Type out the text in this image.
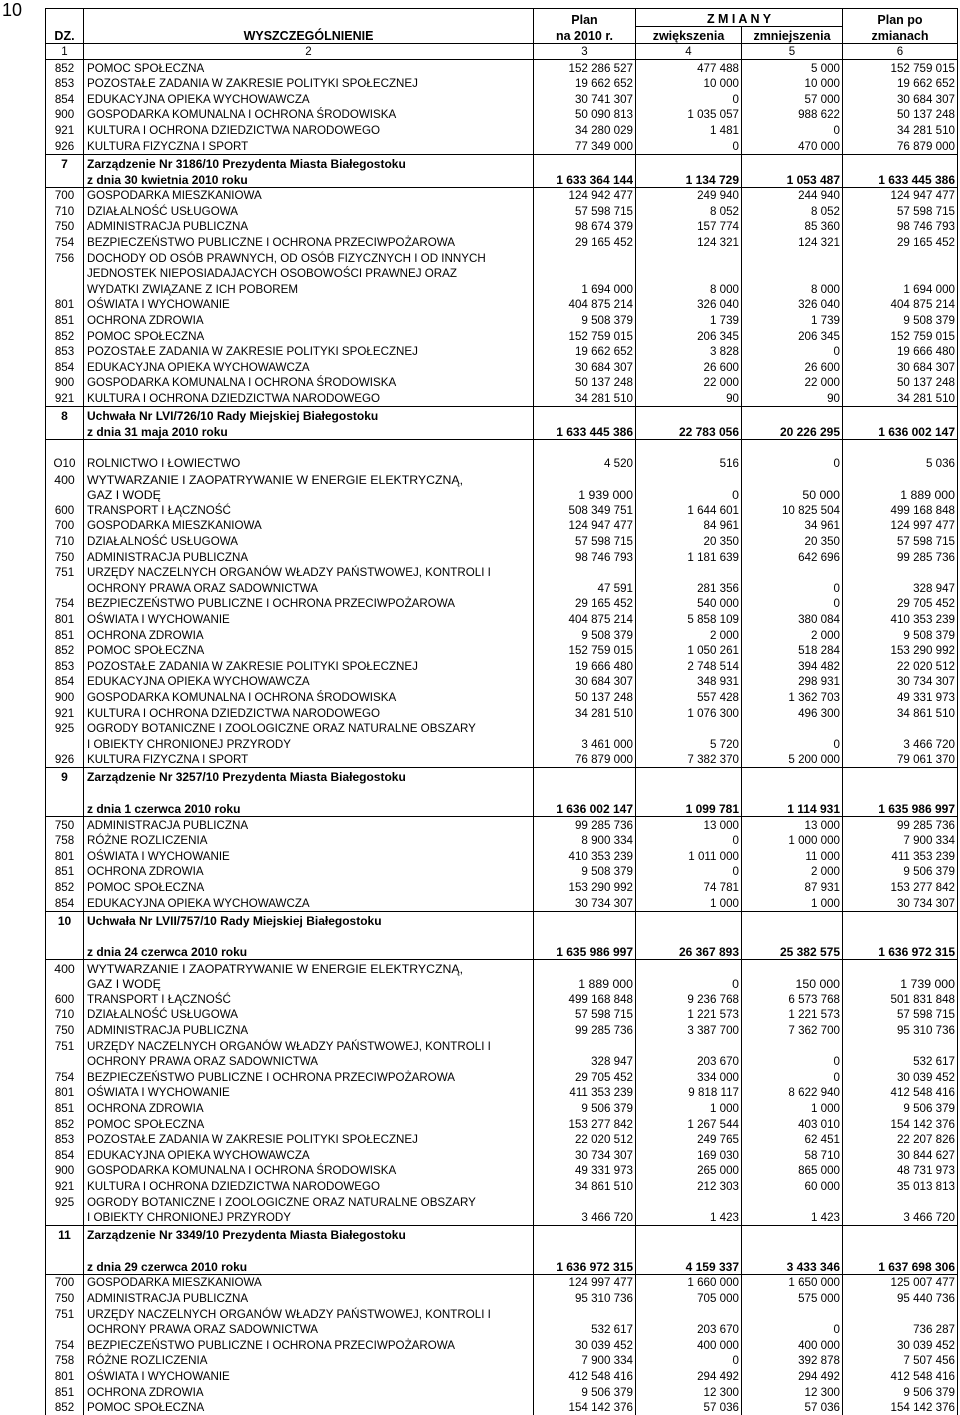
10
			Plan	Z M I A N Y		Plan po
DZ.	WYSZCZEGÓLNIENIE	na 2010 r.	zwiększenia	zmniejszenia	zmianach
1	2	3	4	5	6
852	POMOC SPOŁECZNA	152 286 527	477 488	5 000	152 759 015
853	POZOSTAŁE ZADANIA W ZAKRESIE POLITYKI SPOŁECZNEJ	19 662 652	10 000	10 000	19 662 652
854	EDUKACYJNA OPIEKA WYCHOWAWCZA	30 741 307	0	57 000	30 684 307
900	GOSPODARKA KOMUNALNA I OCHRONA ŚRODOWISKA	50 090 813	1 035 057	988 622	50 137 248
921	KULTURA I OCHRONA DZIEDZICTWA NARODOWEGO	34 280 029	1 481	0	34 281 510
926	KULTURA FIZYCZNA I SPORT	77 349 000	0	470 000	76 879 000
7	Zarządzenie Nr 3186/10 Prezydenta Miasta Białegostoku				
	z dnia 30 kwietnia 2010 roku	1 633 364 144	1 134 729	1 053 487	1 633 445 386
700	GOSPODARKA MIESZKANIOWA	124 942 477	249 940	244 940	124 947 477
710	DZIAŁALNOŚĆ USŁUGOWA	57 598 715	8 052	8 052	57 598 715
750	ADMINISTRACJA PUBLICZNA	98 674 379	157 774	85 360	98 746 793
754	BEZPIECZEŃSTWO PUBLICZNE I OCHRONA PRZECIWPOŻAROWA	29 165 452	124 321	124 321	29 165 452
756	DOCHODY OD OSÓB PRAWNYCH, OD OSÓB FIZYCZNYCH I OD INNYCH				
	JEDNOSTEK NIEPOSIADAJACYCH OSOBOWOŚCI PRAWNEJ ORAZ				
	WYDATKI ZWIĄZANE Z ICH POBOREM	1 694 000	8 000	8 000	1 694 000
801	OŚWIATA I WYCHOWANIE	404 875 214	326 040	326 040	404 875 214
851	OCHRONA ZDROWIA	9 508 379	1 739	1 739	9 508 379
852	POMOC SPOŁECZNA	152 759 015	206 345	206 345	152 759 015
853	POZOSTAŁE ZADANIA W ZAKRESIE POLITYKI SPOŁECZNEJ	19 662 652	3 828	0	19 666 480
854	EDUKACYJNA OPIEKA WYCHOWAWCZA	30 684 307	26 600	26 600	30 684 307
900	GOSPODARKA KOMUNALNA I OCHRONA ŚRODOWISKA	50 137 248	22 000	22 000	50 137 248
921	KULTURA I OCHRONA DZIEDZICTWA NARODOWEGO	34 281 510	90	90	34 281 510
8	Uchwała Nr LVI/726/10 Rady Miejskiej Białegostoku				
	z dnia 31 maja 2010 roku	1 633 445 386	22 783 056	20 226 295	1 636 002 147

O10	ROLNICTWO I ŁOWIECTWO	4 520	516	0	5 036
400	WYTWARZANIE I ZAOPATRYWANIE W ENERGIE ELEKTRYCZNĄ,				
	GAZ I WODĘ	1 939 000	0	50 000	1 889 000
600	TRANSPORT I ŁĄCZNOŚĆ	508 349 751	1 644 601	10 825 504	499 168 848
700	GOSPODARKA MIESZKANIOWA	124 947 477	84 961	34 961	124 997 477
710	DZIAŁALNOŚĆ USŁUGOWA	57 598 715	20 350	20 350	57 598 715
750	ADMINISTRACJA PUBLICZNA	98 746 793	1 181 639	642 696	99 285 736
751	URZĘDY NACZELNYCH ORGANÓW WŁADZY PAŃSTWOWEJ, KONTROLI I				
	OCHRONY PRAWA ORAZ SADOWNICTWA	47 591	281 356	0	328 947
754	BEZPIECZEŃSTWO PUBLICZNE I OCHRONA PRZECIWPOŻAROWA	29 165 452	540 000	0	29 705 452
801	OŚWIATA I WYCHOWANIE	404 875 214	5 858 109	380 084	410 353 239
851	OCHRONA ZDROWIA	9 508 379	2 000	2 000	9 508 379
852	POMOC SPOŁECZNA	152 759 015	1 050 261	518 284	153 290 992
853	POZOSTAŁE ZADANIA W ZAKRESIE POLITYKI SPOŁECZNEJ	19 666 480	2 748 514	394 482	22 020 512
854	EDUKACYJNA OPIEKA WYCHOWAWCZA	30 684 307	348 931	298 931	30 734 307
900	GOSPODARKA KOMUNALNA I OCHRONA ŚRODOWISKA	50 137 248	557 428	1 362 703	49 331 973
921	KULTURA I OCHRONA DZIEDZICTWA NARODOWEGO	34 281 510	1 076 300	496 300	34 861 510
925	OGRODY BOTANICZNE I ZOOLOGICZNE ORAZ NATURALNE OBSZARY				
	I OBIEKTY CHRONIONEJ PRZYRODY	3 461 000	5 720	0	3 466 720
926	KULTURA FIZYCZNA I SPORT	76 879 000	7 382 370	5 200 000	79 061 370
9	Zarządzenie Nr 3257/10 Prezydenta Miasta Białegostoku				

	z dnia 1 czerwca 2010 roku	1 636 002 147	1 099 781	1 114 931	1 635 986 997
750	ADMINISTRACJA PUBLICZNA	99 285 736	13 000	13 000	99 285 736
758	RÓŻNE ROZLICZENIA	8 900 334	0	1 000 000	7 900 334
801	OŚWIATA I WYCHOWANIE	410 353 239	1 011 000	11 000	411 353 239
851	OCHRONA ZDROWIA	9 508 379	0	2 000	9 506 379
852	POMOC SPOŁECZNA	153 290 992	74 781	87 931	153 277 842
854	EDUKACYJNA OPIEKA WYCHOWAWCZA	30 734 307	1 000	1 000	30 734 307
10	Uchwała Nr LVII/757/10 Rady Miejskiej Białegostoku				

	z dnia 24 czerwca 2010 roku	1 635 986 997	26 367 893	25 382 575	1 636 972 315
400	WYTWARZANIE I ZAOPATRYWANIE W ENERGIE ELEKTRYCZNĄ,				
	GAZ I WODĘ	1 889 000	0	150 000	1 739 000
600	TRANSPORT I ŁĄCZNOŚĆ	499 168 848	9 236 768	6 573 768	501 831 848
710	DZIAŁALNOŚĆ USŁUGOWA	57 598 715	1 221 573	1 221 573	57 598 715
750	ADMINISTRACJA PUBLICZNA	99 285 736	3 387 700	7 362 700	95 310 736
751	URZĘDY NACZELNYCH ORGANÓW WŁADZY PAŃSTWOWEJ, KONTROLI I				
	OCHRONY PRAWA ORAZ SADOWNICTWA	328 947	203 670	0	532 617
754	BEZPIECZEŃSTWO PUBLICZNE I OCHRONA PRZECIWPOŻAROWA	29 705 452	334 000	0	30 039 452
801	OŚWIATA I WYCHOWANIE	411 353 239	9 818 117	8 622 940	412 548 416
851	OCHRONA ZDROWIA	9 506 379	1 000	1 000	9 506 379
852	POMOC SPOŁECZNA	153 277 842	1 267 544	403 010	154 142 376
853	POZOSTAŁE ZADANIA W ZAKRESIE POLITYKI SPOŁECZNEJ	22 020 512	249 765	62 451	22 207 826
854	EDUKACYJNA OPIEKA WYCHOWAWCZA	30 734 307	169 030	58 710	30 844 627
900	GOSPODARKA KOMUNALNA I OCHRONA ŚRODOWISKA	49 331 973	265 000	865 000	48 731 973
921	KULTURA I OCHRONA DZIEDZICTWA NARODOWEGO	34 861 510	212 303	60 000	35 013 813
925	OGRODY BOTANICZNE I ZOOLOGICZNE ORAZ NATURALNE OBSZARY				
	I OBIEKTY CHRONIONEJ PRZYRODY	3 466 720	1 423	1 423	3 466 720
11	Zarządzenie Nr 3349/10 Prezydenta Miasta Białegostoku				

	z dnia 29 czerwca 2010 roku	1 636 972 315	4 159 337	3 433 346	1 637 698 306
700	GOSPODARKA MIESZKANIOWA	124 997 477	1 660 000	1 650 000	125 007 477
750	ADMINISTRACJA PUBLICZNA	95 310 736	705 000	575 000	95 440 736
751	URZĘDY NACZELNYCH ORGANÓW WŁADZY PAŃSTWOWEJ, KONTROLI I				
	OCHRONY PRAWA ORAZ SADOWNICTWA	532 617	203 670	0	736 287
754	BEZPIECZEŃSTWO PUBLICZNE I OCHRONA PRZECIWPOŻAROWA	30 039 452	400 000	400 000	30 039 452
758	RÓŻNE ROZLICZENIA	7 900 334	0	392 878	7 507 456
801	OŚWIATA I WYCHOWANIE	412 548 416	294 492	294 492	412 548 416
851	OCHRONA ZDROWIA	9 506 379	12 300	12 300	9 506 379
852	POMOC SPOŁECZNA	154 142 376	57 036	57 036	154 142 376
